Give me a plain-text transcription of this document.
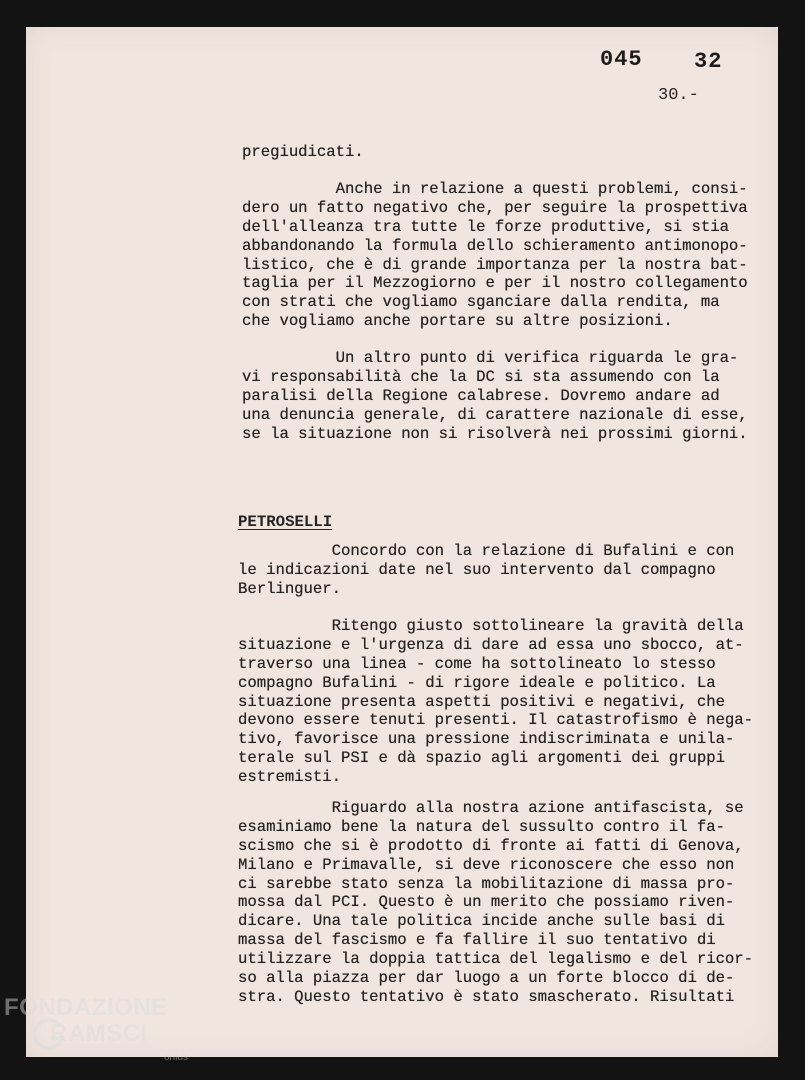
045 32
30.-
pregiudicati.
Anche in relazione a questi problemi, consi-
dero un fatto negativo che, per seguire la prospettiva
dell'alleanza tra tutte le forze produttive, si stia
abbandonando la formula dello schieramento antimonopo-
listico, che è di grande importanza per la nostra bat-
taglia per il Mezzogiorno e per il nostro collegamento
con strati che vogliamo sganciare dalla rendita, ma
che vogliamo anche portare su altre posizioni.
Un altro punto di verifica riguarda le gra-
vi responsabilità che la DC si sta assumendo con la
paralisi della Regione calabrese. Dovremo andare ad
una denuncia generale, di carattere nazionale di esse,
se la situazione non si risolverà nei prossimi giorni.
PETROSELLI
Concordo con la relazione di Bufalini e con
le indicazioni date nel suo intervento dal compagno
Berlinguer.
Ritengo giusto sottolineare la gravità della
situazione e l'urgenza di dare ad essa uno sbocco, at-
traverso una linea - come ha sottolineato lo stesso
compagno Bufalini - di rigore ideale e politico. La
situazione presenta aspetti positivi e negativi, che
devono essere tenuti presenti. Il catastrofismo è nega-
tivo, favorisce una pressione indiscriminata e unila-
terale sul PSI e dà spazio agli argomenti dei gruppi
estremisti.
Riguardo alla nostra azione antifascista, se
esaminiamo bene la natura del sussulto contro il fa-
scismo che si è prodotto di fronte ai fatti di Genova,
Milano e Primavalle, si deve riconoscere che esso non
ci sarebbe stato senza la mobilitazione di massa pro-
mossa dal PCI. Questo è un merito che possiamo riven-
dicare. Una tale politica incide anche sulle basi di
massa del fascismo e fa fallire il suo tentativo di
utilizzare la doppia tattica del legalismo e del ricor-
so alla piazza per dar luogo a un forte blocco di de-
stra. Questo tentativo è stato smascherato. Risultati
FONDAZIONE
RAMSCI
onlus
